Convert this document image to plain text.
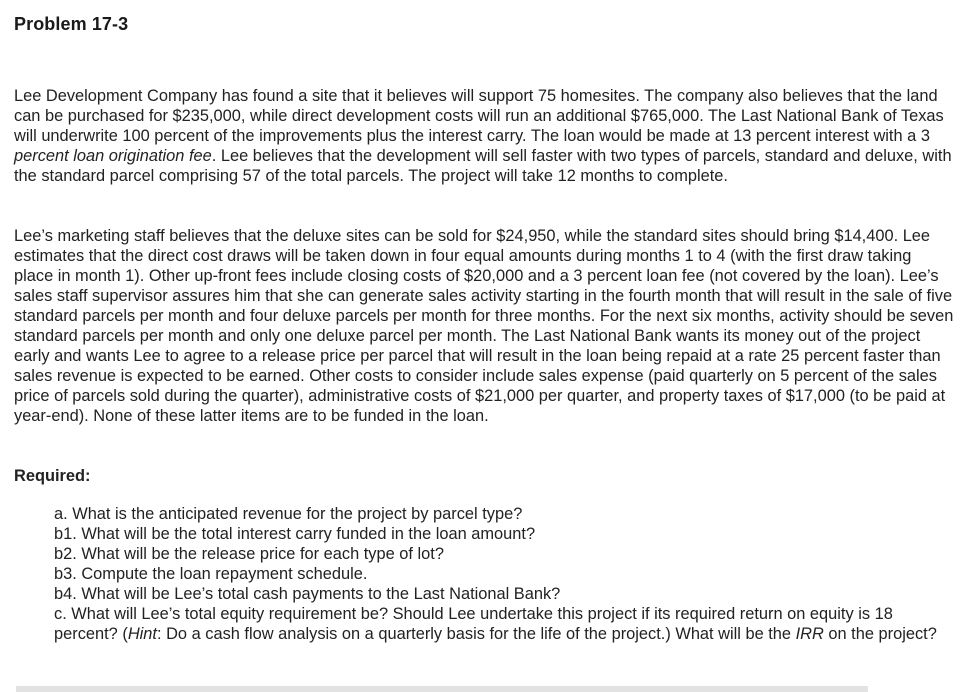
Problem 17-3

Lee Development Company has found a site that it believes will support 75 homesites. The company also believes that the land can be purchased for $235,000, while direct development costs will run an additional $765,000. The Last National Bank of Texas will underwrite 100 percent of the improvements plus the interest carry. The loan would be made at 13 percent interest with a 3 percent loan origination fee. Lee believes that the development will sell faster with two types of parcels, standard and deluxe, with the standard parcel comprising 57 of the total parcels. The project will take 12 months to complete.

Lee’s marketing staff believes that the deluxe sites can be sold for $24,950, while the standard sites should bring $14,400. Lee estimates that the direct cost draws will be taken down in four equal amounts during months 1 to 4 (with the first draw taking place in month 1). Other up-front fees include closing costs of $20,000 and a 3 percent loan fee (not covered by the loan). Lee’s sales staff supervisor assures him that she can generate sales activity starting in the fourth month that will result in the sale of five standard parcels per month and four deluxe parcels per month for three months. For the next six months, activity should be seven standard parcels per month and only one deluxe parcel per month. The Last National Bank wants its money out of the project early and wants Lee to agree to a release price per parcel that will result in the loan being repaid at a rate 25 percent faster than sales revenue is expected to be earned. Other costs to consider include sales expense (paid quarterly on 5 percent of the sales price of parcels sold during the quarter), administrative costs of $21,000 per quarter, and property taxes of $17,000 (to be paid at year-end). None of these latter items are to be funded in the loan.

Required:
a. What is the anticipated revenue for the project by parcel type?
b1. What will be the total interest carry funded in the loan amount?
b2. What will be the release price for each type of lot?
b3. Compute the loan repayment schedule.
b4. What will be Lee’s total cash payments to the Last National Bank?
c. What will Lee’s total equity requirement be? Should Lee undertake this project if its required return on equity is 18 percent? (Hint: Do a cash flow analysis on a quarterly basis for the life of the project.) What will be the IRR on the project?
